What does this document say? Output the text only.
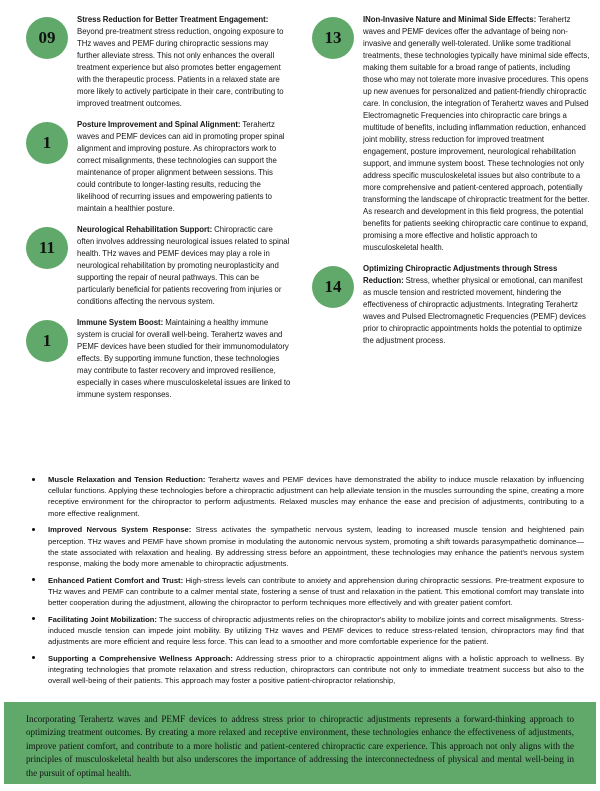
09
Stress Reduction for Better Treatment Engagement: Beyond pre-treatment stress reduction, ongoing exposure to THz waves and PEMF during chiropractic sessions may further alleviate stress. This not only enhances the overall treatment experience but also promotes better engagement with the therapeutic process. Patients in a relaxed state are more likely to actively participate in their care, contributing to improved treatment outcomes.
1
Posture Improvement and Spinal Alignment: Terahertz waves and PEMF devices can aid in promoting proper spinal alignment and improving posture. As chiropractors work to correct misalignments, these technologies can support the maintenance of proper alignment between sessions. This could contribute to longer-lasting results, reducing the likelihood of recurring issues and empowering patients to maintain a healthier posture.
11
Neurological Rehabilitation Support: Chiropractic care often involves addressing neurological issues related to spinal health. THz waves and PEMF devices may play a role in neurological rehabilitation by promoting neuroplasticity and supporting the repair of neural pathways. This can be particularly beneficial for patients recovering from injuries or conditions affecting the nervous system.
1
Immune System Boost: Maintaining a healthy immune system is crucial for overall well-being. Terahertz waves and PEMF devices have been studied for their immunomodulatory effects. By supporting immune function, these technologies may contribute to faster recovery and improved resilience, especially in cases where musculoskeletal issues are linked to immune system responses.
13
INon-Invasive Nature and Minimal Side Effects: Terahertz waves and PEMF devices offer the advantage of being non-invasive and generally well-tolerated. Unlike some traditional treatments, these technologies typically have minimal side effects, making them suitable for a broad range of patients, including those who may not tolerate more invasive procedures. This opens up new avenues for personalized and patient-friendly chiropractic care. In conclusion, the integration of Terahertz waves and Pulsed Electromagnetic Frequencies into chiropractic care brings a multitude of benefits, including inflammation reduction, enhanced joint mobility, stress reduction for improved treatment engagement, posture improvement, neurological rehabilitation support, and immune system boost. These technologies not only address specific musculoskeletal issues but also contribute to a more comprehensive and patient-centered approach, potentially transforming the landscape of chiropractic treatment for the better. As research and development in this field progress, the potential benefits for patients seeking chiropractic care continue to expand, promising a more effective and holistic approach to musculoskeletal health.
14
Optimizing Chiropractic Adjustments through Stress Reduction: Stress, whether physical or emotional, can manifest as muscle tension and restricted movement, hindering the effectiveness of chiropractic adjustments. Integrating Terahertz waves and Pulsed Electromagnetic Frequencies (PEMF) devices prior to chiropractic appointments holds the potential to optimize the adjustment process.
Muscle Relaxation and Tension Reduction: Terahertz waves and PEMF devices have demonstrated the ability to induce muscle relaxation by influencing cellular functions. Applying these technologies before a chiropractic adjustment can help alleviate tension in the muscles surrounding the spine, creating a more receptive environment for the chiropractor to perform adjustments. Relaxed muscles may enhance the ease and precision of adjustments, contributing to a more effective realignment.
Improved Nervous System Response: Stress activates the sympathetic nervous system, leading to increased muscle tension and heightened pain perception. THz waves and PEMF have shown promise in modulating the autonomic nervous system, promoting a shift towards parasympathetic dominance—the state associated with relaxation and healing. By addressing stress before an appointment, these technologies may enhance the patient's nervous system response, making the body more amenable to chiropractic adjustments.
Enhanced Patient Comfort and Trust: High-stress levels can contribute to anxiety and apprehension during chiropractic sessions. Pre-treatment exposure to THz waves and PEMF can contribute to a calmer mental state, fostering a sense of trust and relaxation in the patient. This emotional comfort may translate into better cooperation during the adjustment, allowing the chiropractor to perform techniques more effectively and with greater patient comfort.
Facilitating Joint Mobilization: The success of chiropractic adjustments relies on the chiropractor's ability to mobilize joints and correct misalignments. Stress-induced muscle tension can impede joint mobility. By utilizing THz waves and PEMF devices to reduce stress-related tension, chiropractors may find that adjustments are more efficient and require less force. This can lead to a smoother and more comfortable experience for the patient.
Supporting a Comprehensive Wellness Approach: Addressing stress prior to a chiropractic appointment aligns with a holistic approach to wellness. By integrating technologies that promote relaxation and stress reduction, chiropractors can contribute not only to immediate treatment success but also to the overall well-being of their patients. This approach may foster a positive patient-chiropractor relationship,

Incorporating Terahertz waves and PEMF devices to address stress prior to chiropractic adjustments represents a forward-thinking approach to optimizing treatment outcomes. By creating a more relaxed and receptive environment, these technologies enhance the effectiveness of adjustments, improve patient comfort, and contribute to a more holistic and patient-centered chiropractic care experience. This approach not only aligns with the principles of musculoskeletal health but also underscores the importance of addressing the interconnectedness of physical and mental well-being in the pursuit of optimal health.
